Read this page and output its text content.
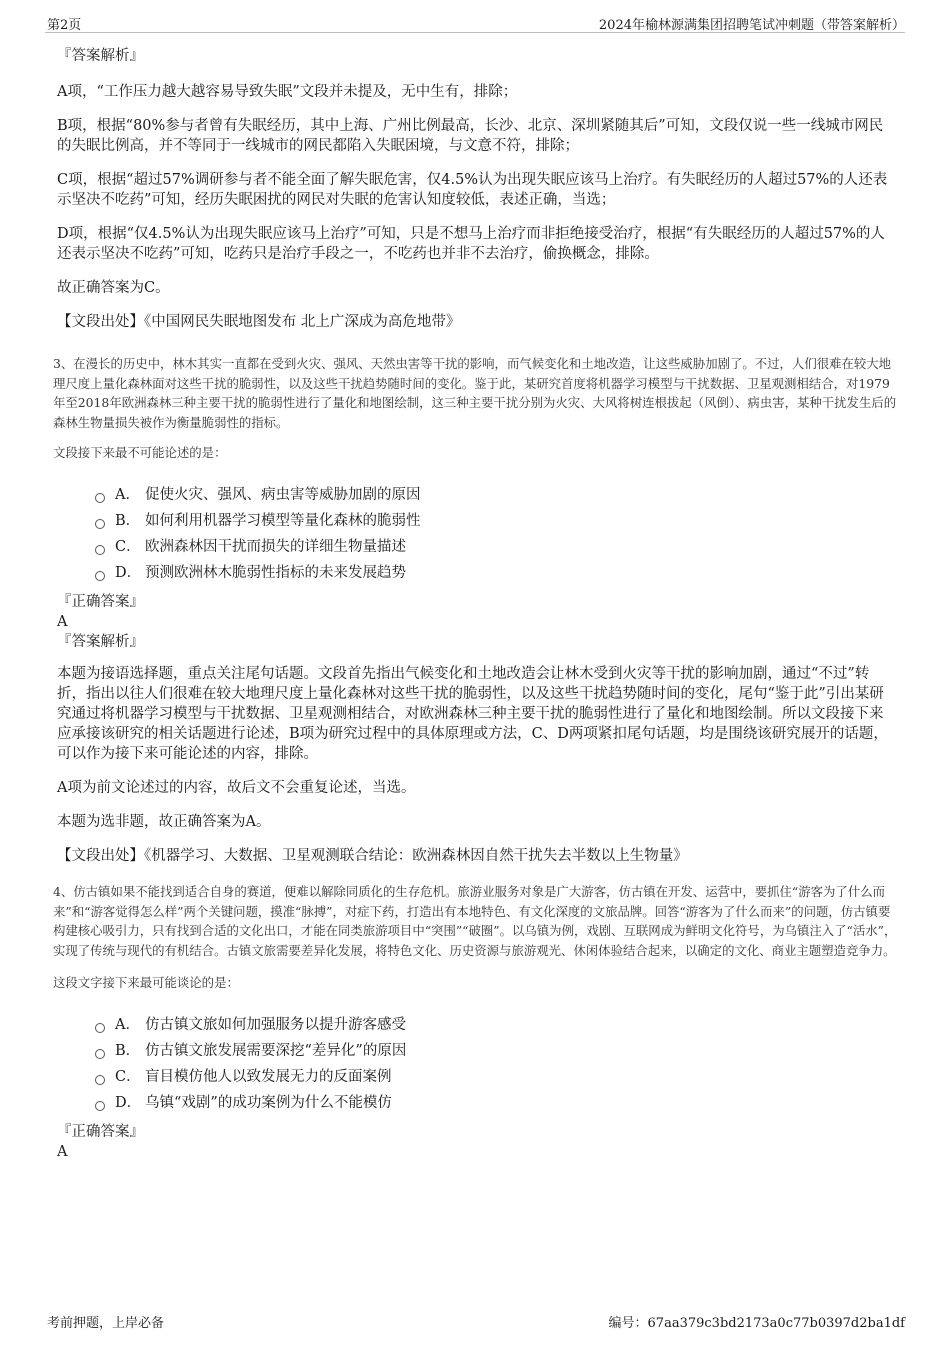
第2页	2024年榆林源满集团招聘笔试冲刺题（带答案解析）

『答案解析』

A项，“工作压力越大越容易导致失眠”文段并未提及，无中生有，排除；

B项，根据“80%参与者曾有失眠经历，其中上海、广州比例最高，长沙、北京、深圳紧随其后”可知，文段仅说一些一线城市网民的失眠比例高，并不等同于一线城市的网民都陷入失眠困境，与文意不符，排除；

C项，根据“超过57%调研参与者不能全面了解失眠危害，仅4.5%认为出现失眠应该马上治疗。有失眠经历的人超过57%的人还表示坚决不吃药”可知，经历失眠困扰的网民对失眠的危害认知度较低，表述正确，当选；

D项，根据“仅4.5%认为出现失眠应该马上治疗”可知，只是不想马上治疗而非拒绝接受治疗，根据“有失眠经历的人超过57%的人还表示坚决不吃药”可知，吃药只是治疗手段之一，不吃药也并非不去治疗，偷换概念，排除。

故正确答案为C。

【文段出处】《中国网民失眠地图发布 北上广深成为高危地带》

3、在漫长的历史中，林木其实一直都在受到火灾、强风、天然虫害等干扰的影响，而气候变化和土地改造，让这些威胁加剧了。不过，人们很难在较大地理尺度上量化森林面对这些干扰的脆弱性，以及这些干扰趋势随时间的变化。鉴于此，某研究首度将机器学习模型与干扰数据、卫星观测相结合，对1979年至2018年欧洲森林三种主要干扰的脆弱性进行了量化和地图绘制，这三种主要干扰分别为火灾、大风将树连根拔起（风倒）、病虫害，某种干扰发生后的森林生物量损失被作为衡量脆弱性的指标。

文段接下来最不可能论述的是：

A． 促使火灾、强风、病虫害等威胁加剧的原因
B． 如何利用机器学习模型等量化森林的脆弱性
C． 欧洲森林因干扰而损失的详细生物量描述
D． 预测欧洲林木脆弱性指标的未来发展趋势

『正确答案』

A

『答案解析』

本题为接语选择题，重点关注尾句话题。文段首先指出气候变化和土地改造会让林木受到火灾等干扰的影响加剧，通过“不过”转折，指出以往人们很难在较大地理尺度上量化森林对这些干扰的脆弱性，以及这些干扰趋势随时间的变化，尾句“鉴于此”引出某研究通过将机器学习模型与干扰数据、卫星观测相结合，对欧洲森林三种主要干扰的脆弱性进行了量化和地图绘制。所以文段接下来应承接该研究的相关话题进行论述，B项为研究过程中的具体原理或方法，C、D两项紧扣尾句话题，均是围绕该研究展开的话题，可以作为接下来可能论述的内容，排除。

A项为前文论述过的内容，故后文不会重复论述，当选。

本题为选非题，故正确答案为A。

【文段出处】《机器学习、大数据、卫星观测联合结论：欧洲森林因自然干扰失去半数以上生物量》

4、仿古镇如果不能找到适合自身的赛道，便难以解除同质化的生存危机。旅游业服务对象是广大游客，仿古镇在开发、运营中，要抓住“游客为了什么而来”和“游客觉得怎么样”两个关键问题，摸准“脉搏”，对症下药，打造出有本地特色、有文化深度的文旅品牌。回答“游客为了什么而来”的问题，仿古镇要构建核心吸引力，只有找到合适的文化出口，才能在同类旅游项目中“突围”“破圈”。以乌镇为例，戏剧、互联网成为鲜明文化符号，为乌镇注入了“活水”，实现了传统与现代的有机结合。古镇文旅需要差异化发展，将特色文化、历史资源与旅游观光、休闲体验结合起来，以确定的文化、商业主题塑造竞争力。

这段文字接下来最可能谈论的是：

A． 仿古镇文旅如何加强服务以提升游客感受
B． 仿古镇文旅发展需要深挖“差异化”的原因
C． 盲目模仿他人以致发展无力的反面案例
D． 乌镇“戏剧”的成功案例为什么不能模仿

『正确答案』

A

考前押题，上岸必备	编号：67aa379c3bd2173a0c77b0397d2ba1df
